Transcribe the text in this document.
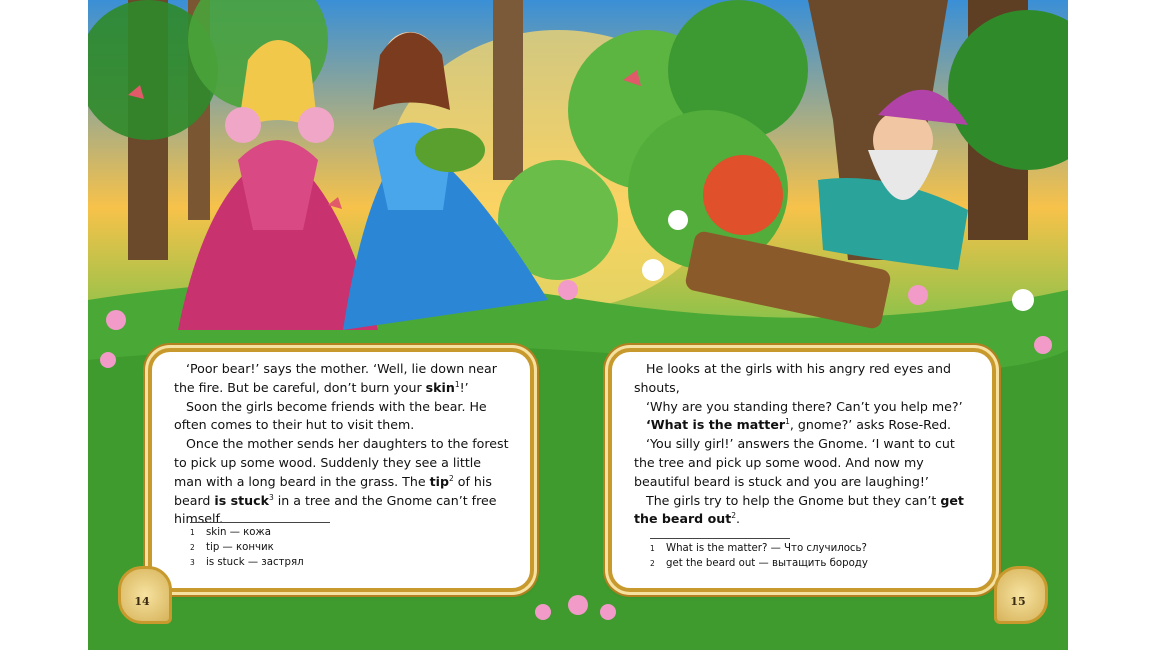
‘Poor bear!’ says the mother. ‘Well, lie down near the fire. But be careful, don’t burn your skin$^1$!’

Soon the girls become friends with the bear. He often comes to their hut to visit them.

Once the mother sends her daughters to the forest to pick up some wood. Suddenly they see a little man with a long beard in the grass. The tip$^2$ of his beard is stuck$^3$ in a tree and the Gnome can’t free himself.

1 skin — кожа
2 tip — кончик
3 is stuck — застрял

He looks at the girls with his angry red eyes and shouts,

‘Why are you standing there? Can’t you help me?’

‘What is the matter$^1$, gnome?’ asks Rose-Red.

‘You silly girl!’ answers the Gnome. ‘I want to cut the tree and pick up some wood. And now my beautiful beard is stuck and you are laughing!’

The girls try to help the Gnome but they can’t get the beard out$^2$.

1 What is the matter? — Что случилось?
2 get the beard out — вытащить бороду
14	15
